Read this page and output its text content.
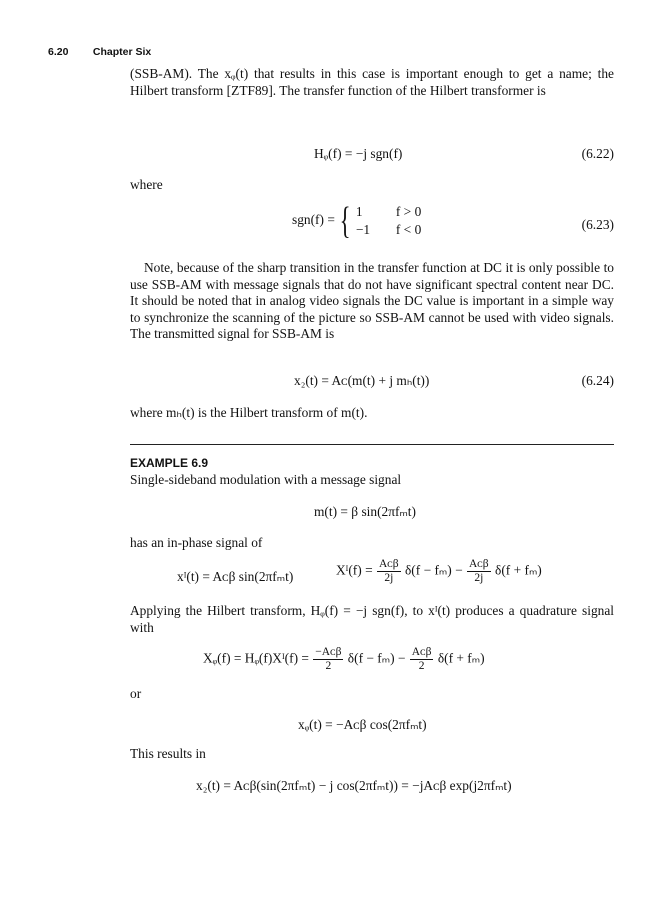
6.20 Chapter Six
(SSB-AM). The xᵩ(t) that results in this case is important enough to get a name; the Hilbert transform [ZTF89]. The transfer function of the Hilbert transformer is
Hᵩ(f) = −j sgn(f)	(6.22)
where
sgn(f) = { 1	f > 0
−1	f < 0	(6.23)
Note, because of the sharp transition in the transfer function at DC it is only possible to use SSB-AM with message signals that do not have significant spectral content near DC. It should be noted that in analog video signals the DC value is important in a simple way to synchronize the scanning of the picture so SSB-AM cannot be used with video signals. The transmitted signal for SSB-AM is
x₂(t) = Aᴄ(m(t) + j mₕ(t))	(6.24)
where mₕ(t) is the Hilbert transform of m(t).
EXAMPLE 6.9
Single-sideband modulation with a message signal
m(t) = β sin(2πfₘt)
has an in-phase signal of
xᴵ(t) = Aᴄβ sin(2πfₘt)	Xᴵ(f) = $\frac{\text{Aᴄβ}}{2j} \delta(f - f_m) - \frac{\text{Aᴄβ}}{2j} \delta(f + f_m)$
Applying the Hilbert transform, Hᵩ(f) = −j sgn(f), to xᴵ(t) produces a quadrature signal with
Xᵩ(f) = Hᵩ(f)Xᴵ(f) = $\frac{\text{−Aᴄβ}}{2} \delta(f - f_m) - \frac{\text{Aᴄβ}}{2} \delta(f + f_m)$
or
xᵩ(t) = −Aᴄβ cos(2πfₘt)
This results in
x₂(t) = Aᴄβ(sin(2πfₘt) − j cos(2πfₘt)) = −jAᴄβ exp(j2πfₘt)
